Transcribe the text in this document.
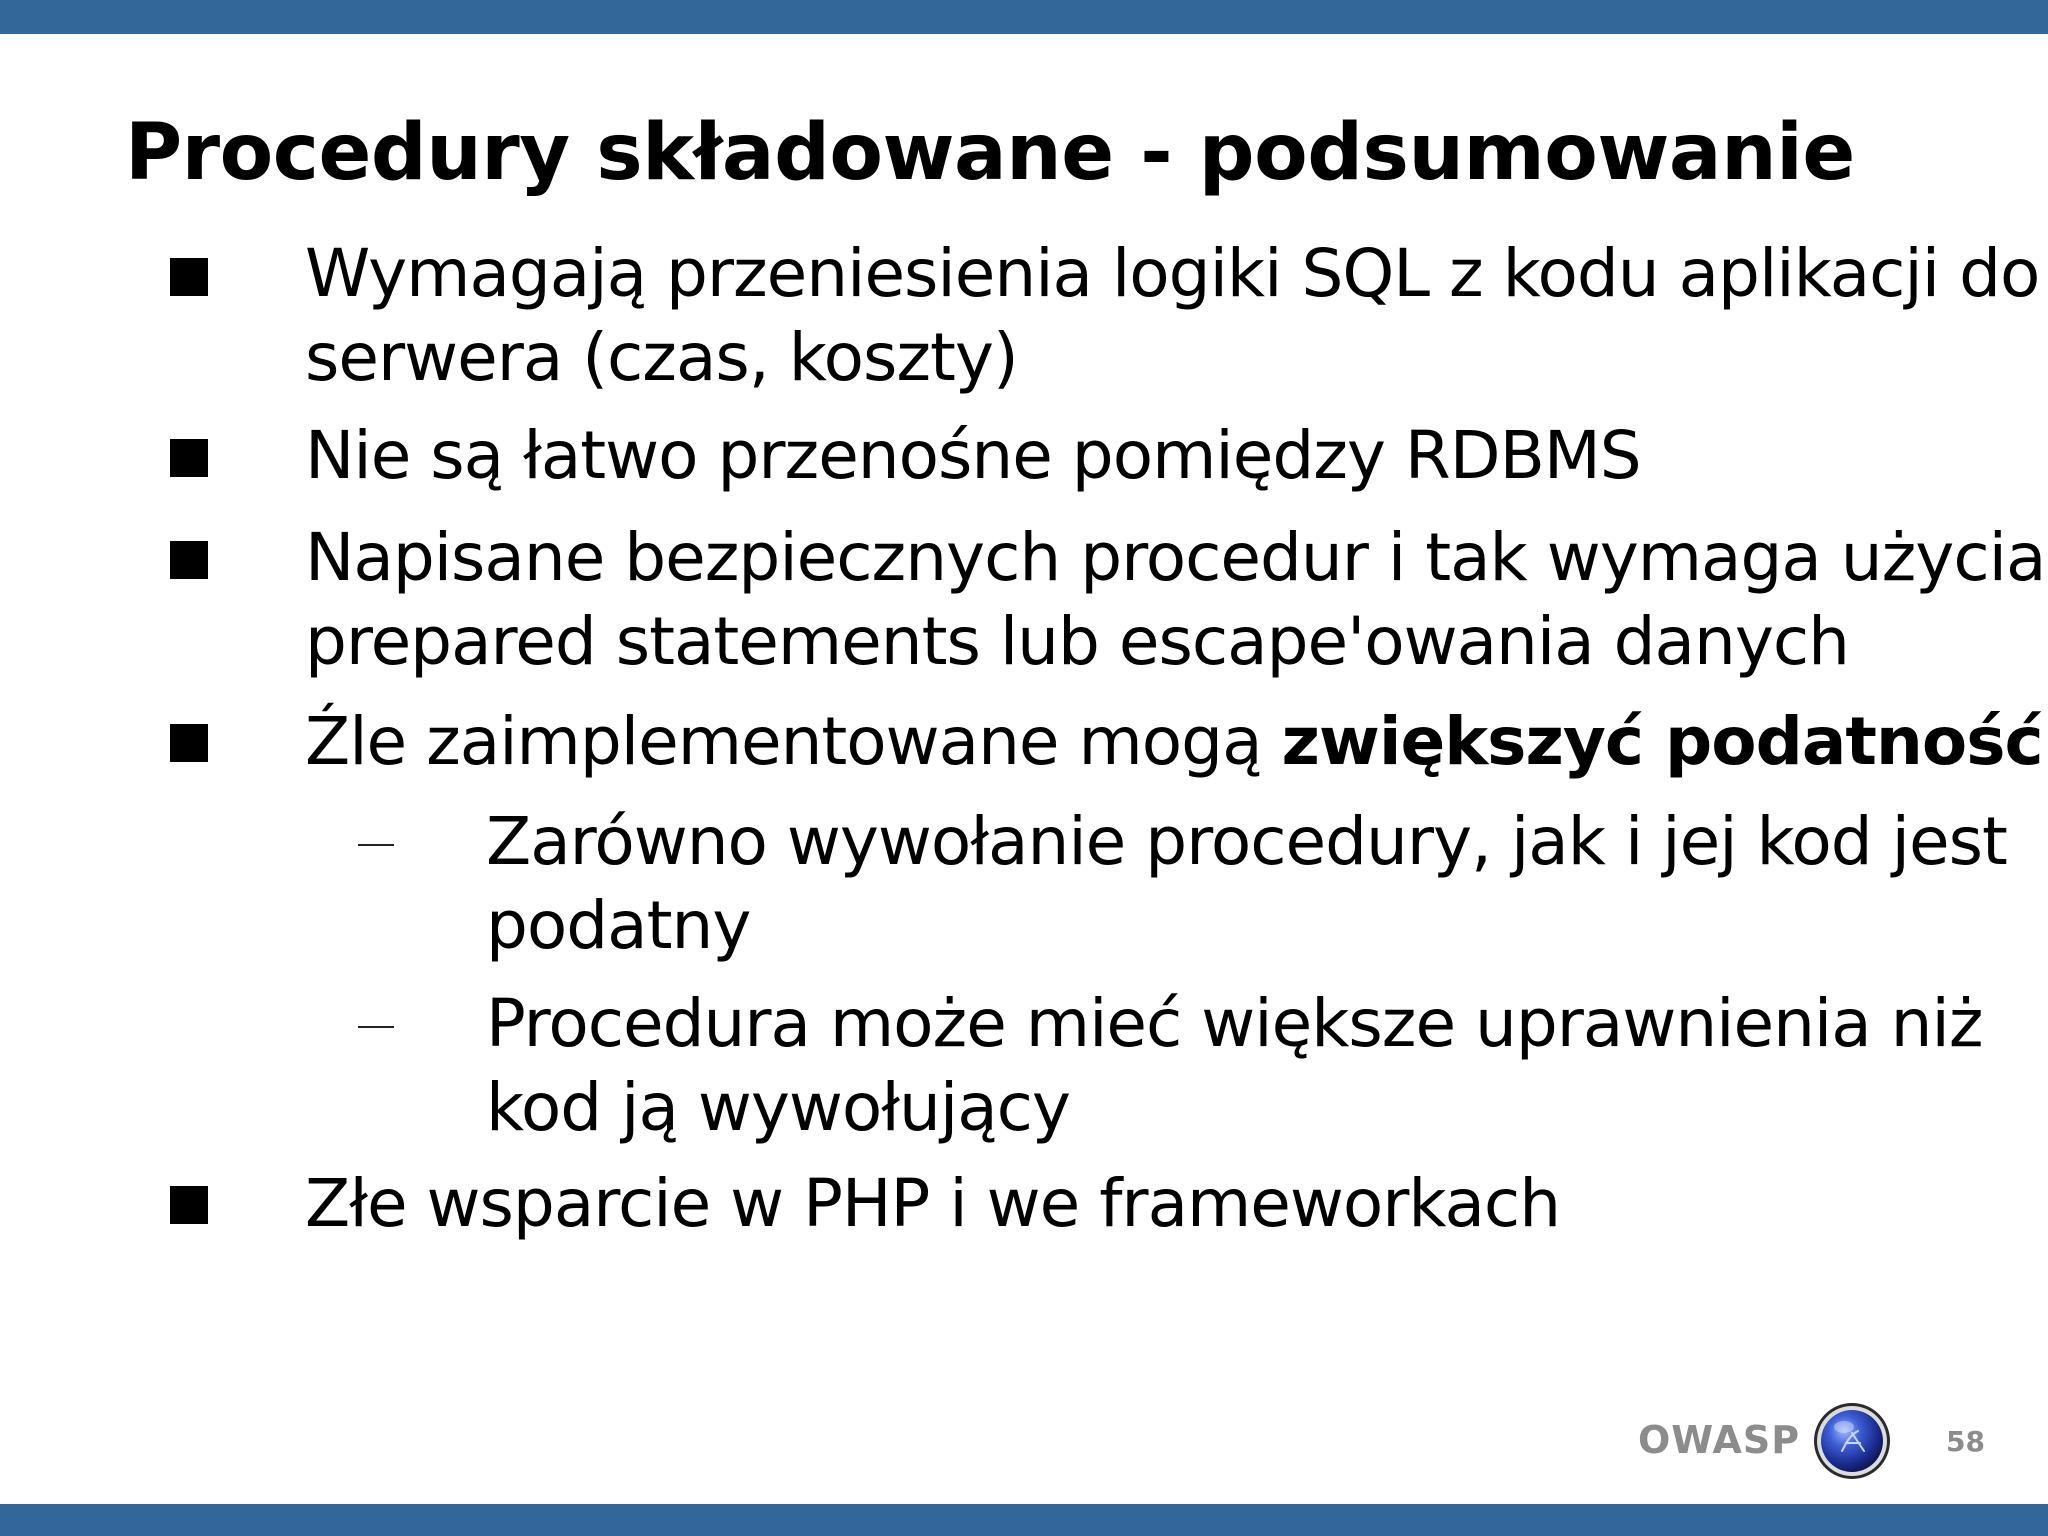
Procedury składowane - podsumowanie
Wymagają przeniesienia logiki SQL z kodu aplikacji do
serwera (czas, koszty)
Nie są łatwo przenośne pomiędzy RDBMS
Napisane bezpiecznych procedur i tak wymaga użycia
prepared statements lub escape'owania danych
Źle zaimplementowane mogą zwiększyć podatność
Zarówno wywołanie procedury, jak i jej kod jest
podatny
Procedura może mieć większe uprawnienia niż
kod ją wywołujący
Złe wsparcie w PHP i we frameworkach
OWASP	58
